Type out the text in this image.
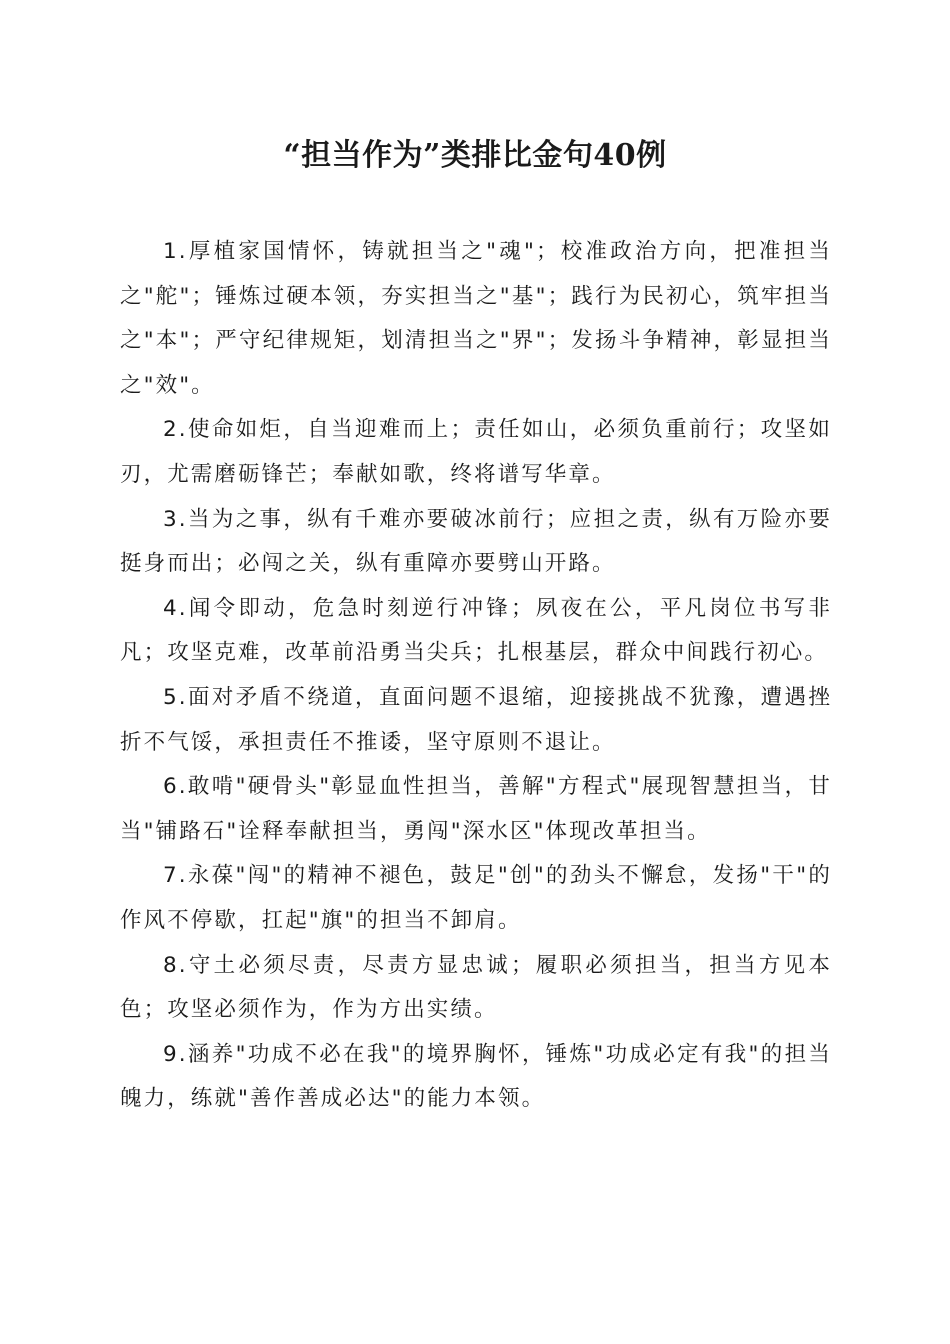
“担当作为”类排比金句40例

1.厚植家国情怀，铸就担当之"魂"；校准政治方向，把准担当之"舵"；锤炼过硬本领，夯实担当之"基"；践行为民初心，筑牢担当之"本"；严守纪律规矩，划清担当之"界"；发扬斗争精神，彰显担当之"效"。

2.使命如炬，自当迎难而上；责任如山，必须负重前行；攻坚如刃，尤需磨砺锋芒；奉献如歌，终将谱写华章。

3.当为之事，纵有千难亦要破冰前行；应担之责，纵有万险亦要挺身而出；必闯之关，纵有重障亦要劈山开路。

4.闻令即动，危急时刻逆行冲锋；夙夜在公，平凡岗位书写非凡；攻坚克难，改革前沿勇当尖兵；扎根基层，群众中间践行初心。

5.面对矛盾不绕道，直面问题不退缩，迎接挑战不犹豫，遭遇挫折不气馁，承担责任不推诿，坚守原则不退让。

6.敢啃"硬骨头"彰显血性担当，善解"方程式"展现智慧担当，甘当"铺路石"诠释奉献担当，勇闯"深水区"体现改革担当。

7.永葆"闯"的精神不褪色，鼓足"创"的劲头不懈怠，发扬"干"的作风不停歇，扛起"旗"的担当不卸肩。

8.守土必须尽责，尽责方显忠诚；履职必须担当，担当方见本色；攻坚必须作为，作为方出实绩。

9.涵养"功成不必在我"的境界胸怀，锤炼"功成必定有我"的担当魄力，练就"善作善成必达"的能力本领。
